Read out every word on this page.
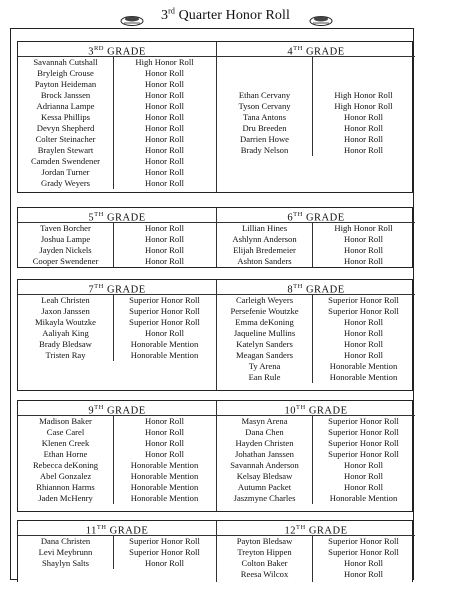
3rd Quarter Honor Roll
3RD GRADE
Savannah Cutshall	High Honor Roll
Bryleigh Crouse	Honor Roll
Payton Heideman	Honor Roll
Brock Janssen	Honor Roll
Adrianna Lampe	Honor Roll
Kessa Phillips	Honor Roll
Devyn Shepherd	Honor Roll
Colter Steinacher	Honor Roll
Braylen Stewart	Honor Roll
Camden Swendener	Honor Roll
Jordan Turner	Honor Roll
Grady Weyers	Honor Roll
4TH GRADE
Ethan Cervany	High Honor Roll
Tyson Cervany	High Honor Roll
Tana Antons	Honor Roll
Dru Breeden	Honor Roll
Darrien Howe	Honor Roll
Brady Nelson	Honor Roll
5TH GRADE
Taven Borcher	Honor Roll
Joshua Lampe	Honor Roll
Jayden Nickels	Honor Roll
Cooper Swendener	Honor Roll
6TH GRADE
Lillian Hines	High Honor Roll
Ashlynn Anderson	Honor Roll
Elijah Bredemeier	Honor Roll
Ashton Sanders	Honor Roll
7TH GRADE
Leah Christen	Superior Honor Roll
Jaxon Janssen	Superior Honor Roll
Mikayla Woutzke	Superior Honor Roll
Aaliyah King	Honor Roll
Brady Bledsaw	Honorable Mention
Tristen Ray	Honorable Mention
8TH GRADE
Carleigh Weyers	Superior Honor Roll
Persefenie Woutzke	Superior Honor Roll
Emma deKoning	Honor Roll
Jaqueline Mullins	Honor Roll
Katelyn Sanders	Honor Roll
Meagan Sanders	Honor Roll
Ty Arena	Honorable Mention
Ean Rule	Honorable Mention
9TH GRADE
Madison Baker	Honor Roll
Case Carel	Honor Roll
Klenen Creek	Honor Roll
Ethan Horne	Honor Roll
Rebecca deKoning	Honorable Mention
Abel Gonzalez	Honorable Mention
Rhiannon Harms	Honorable Mention
Jaden McHenry	Honorable Mention
10TH GRADE
Masyn Arena	Superior Honor Roll
Dana Chen	Superior Honor Roll
Hayden Christen	Superior Honor Roll
Johathan Janssen	Superior Honor Roll
Savannah Anderson	Honor Roll
Kelsay Bledsaw	Honor Roll
Autumn Packet	Honor Roll
Jaszmyne Charles	Honorable Mention
11TH GRADE
Dana Christen	Superior Honor Roll
Levi Meybrunn	Superior Honor Roll
Shaylyn Salts	Honor Roll
12TH GRADE
Payton Bledsaw	Superior Honor Roll
Treyton Hippen	Superior Honor Roll
Colton Baker	Honor Roll
Reesa Wilcox	Honor Roll
